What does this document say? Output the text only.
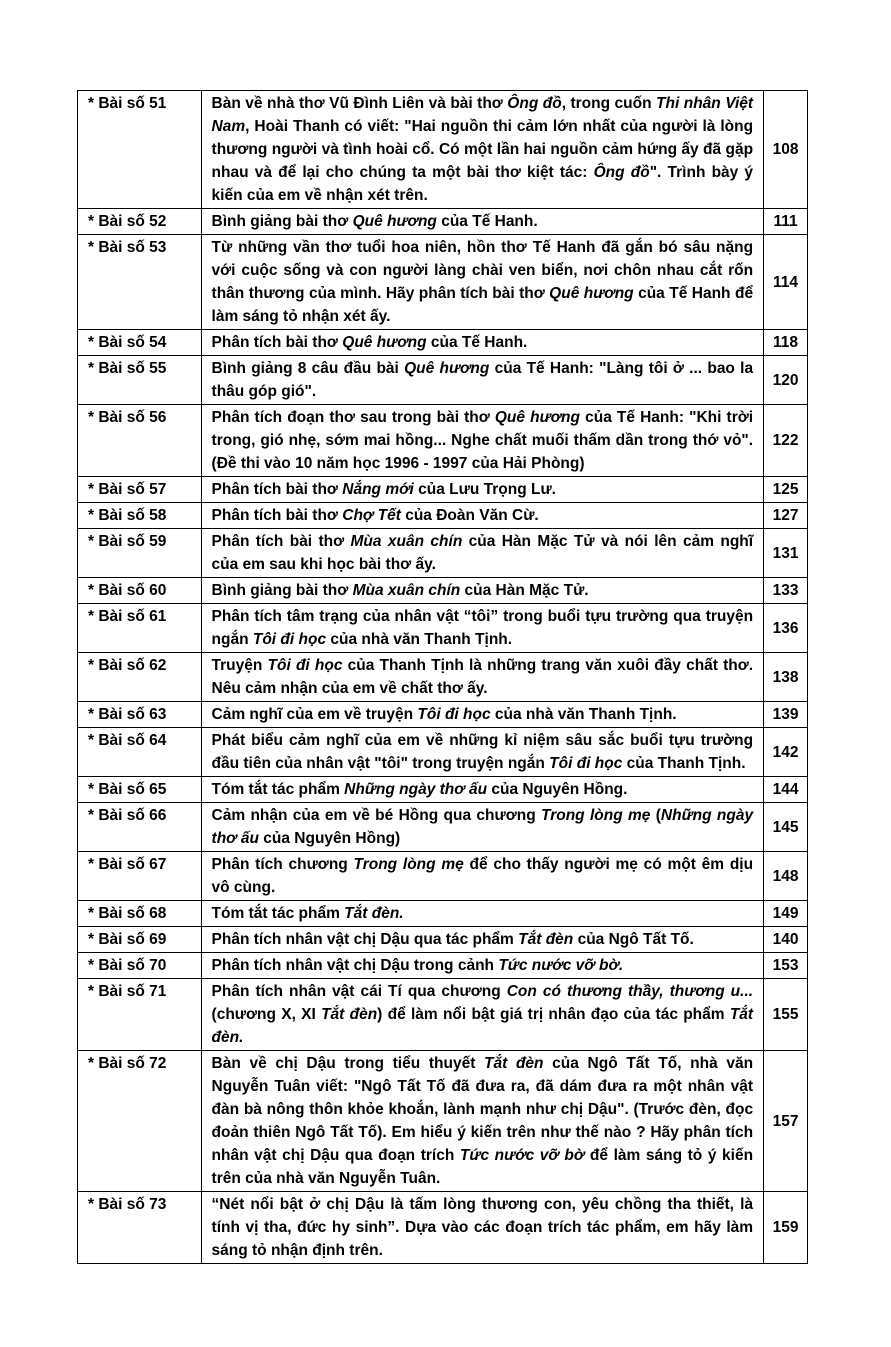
* Bài số 51	Bàn về nhà thơ Vũ Đình Liên và bài thơ Ông đồ, trong cuốn Thi nhân Việt Nam, Hoài Thanh có viết: "Hai nguồn thi cảm lớn nhất của người là lòng thương người và tình hoài cổ. Có một lần hai nguồn cảm hứng ấy đã gặp nhau và để lại cho chúng ta một bài thơ kiệt tác: Ông đồ". Trình bày ý kiến của em về nhận xét trên.	108
* Bài số 52	Bình giảng bài thơ Quê hương của Tế Hanh.	111
* Bài số 53	Từ những vần thơ tuổi hoa niên, hồn thơ Tế Hanh đã gắn bó sâu nặng với cuộc sống và con người làng chài ven biển, nơi chôn nhau cắt rốn thân thương của mình. Hãy phân tích bài thơ Quê hương của Tế Hanh để làm sáng tỏ nhận xét ấy.	114
* Bài số 54	Phân tích bài thơ Quê hương của Tế Hanh.	118
* Bài số 55	Bình giảng 8 câu đầu bài Quê hương của Tế Hanh: "Làng tôi ở ... bao la thâu góp gió".	120
* Bài số 56	Phân tích đoạn thơ sau trong bài thơ Quê hương của Tế Hanh: "Khi trời trong, gió nhẹ, sớm mai hồng... Nghe chất muối thấm dần trong thớ vỏ". (Đề thi vào 10 năm học 1996 - 1997 của Hải Phòng)	122
* Bài số 57	Phân tích bài thơ Nắng mới của Lưu Trọng Lư.	125
* Bài số 58	Phân tích bài thơ Chợ Tết của Đoàn Văn Cừ.	127
* Bài số 59	Phân tích bài thơ Mùa xuân chín của Hàn Mặc Tử và nói lên cảm nghĩ của em sau khi học bài thơ ấy.	131
* Bài số 60	Bình giảng bài thơ Mùa xuân chín của Hàn Mặc Tử.	133
* Bài số 61	Phân tích tâm trạng của nhân vật “tôi” trong buổi tựu trường qua truyện ngắn Tôi đi học của nhà văn Thanh Tịnh.	136
* Bài số 62	Truyện Tôi đi học của Thanh Tịnh là những trang văn xuôi đầy chất thơ. Nêu cảm nhận của em về chất thơ ấy.	138
* Bài số 63	Cảm nghĩ của em về truyện Tôi đi học của nhà văn Thanh Tịnh.	139
* Bài số 64	Phát biểu cảm nghĩ của em về những kỉ niệm sâu sắc buổi tựu trường đầu tiên của nhân vật "tôi" trong truyện ngắn Tôi đi học của Thanh Tịnh.	142
* Bài số 65	Tóm tắt tác phẩm Những ngày thơ ấu của Nguyên Hồng.	144
* Bài số 66	Cảm nhận của em về bé Hồng qua chương Trong lòng mẹ (Những ngày thơ ấu của Nguyên Hồng)	145
* Bài số 67	Phân tích chương Trong lòng mẹ để cho thấy người mẹ có một êm dịu vô cùng.	148
* Bài số 68	Tóm tắt tác phẩm Tắt đèn.	149
* Bài số 69	Phân tích nhân vật chị Dậu qua tác phẩm Tắt đèn của Ngô Tất Tố.	140
* Bài số 70	Phân tích nhân vật chị Dậu trong cảnh Tức nước vỡ bờ.	153
* Bài số 71	Phân tích nhân vật cái Tí qua chương Con có thương thầy, thương u... (chương X, XI Tắt đèn) để làm nổi bật giá trị nhân đạo của tác phẩm Tắt đèn.	155
* Bài số 72	Bàn về chị Dậu trong tiểu thuyết Tắt đèn của Ngô Tất Tố, nhà văn Nguyễn Tuân viết: "Ngô Tất Tố đã đưa ra, đã dám đưa ra một nhân vật đàn bà nông thôn khỏe khoắn, lành mạnh như chị Dậu". (Trước đèn, đọc đoản thiên Ngô Tất Tố). Em hiểu ý kiến trên như thế nào ? Hãy phân tích nhân vật chị Dậu qua đoạn trích Tức nước vỡ bờ để làm sáng tỏ ý kiến trên của nhà văn Nguyễn Tuân.	157
* Bài số 73	“Nét nổi bật ở chị Dậu là tấm lòng thương con, yêu chồng tha thiết, là tính vị tha, đức hy sinh”. Dựa vào các đoạn trích tác phẩm, em hãy làm sáng tỏ nhận định trên.	159
